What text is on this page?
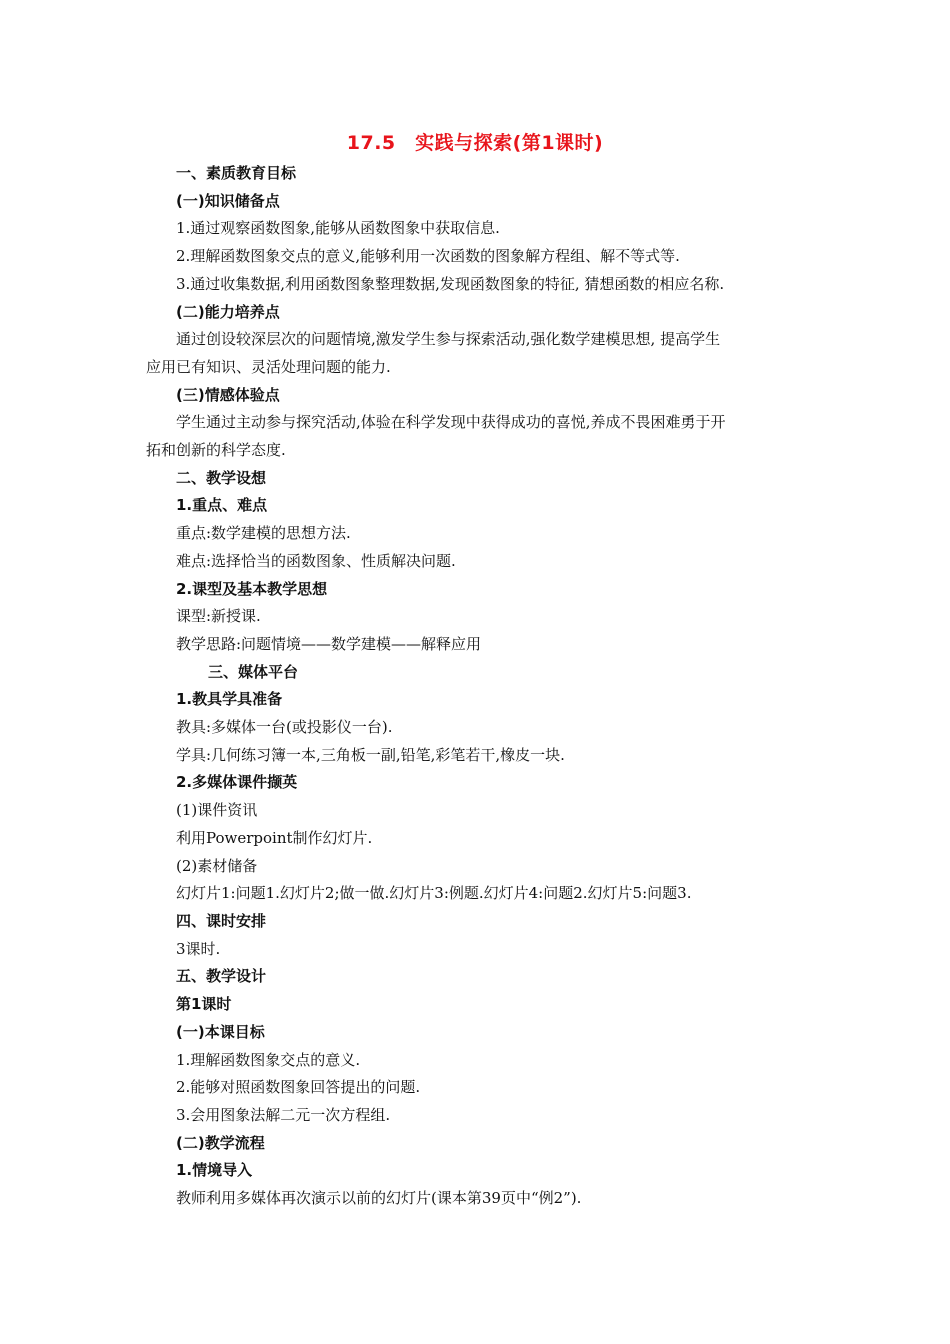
17.5　实践与探索(第1课时)
一、素质教育目标
(一)知识储备点
1.通过观察函数图象,能够从函数图象中获取信息.
2.理解函数图象交点的意义,能够利用一次函数的图象解方程组、解不等式等.
3.通过收集数据,利用函数图象整理数据,发现函数图象的特征, 猜想函数的相应名称.
(二)能力培养点
通过创设较深层次的问题情境,激发学生参与探索活动,强化数学建模思想, 提高学生
应用已有知识、灵活处理问题的能力.
(三)情感体验点
学生通过主动参与探究活动,体验在科学发现中获得成功的喜悦,养成不畏困难勇于开
拓和创新的科学态度.
二、教学设想
1.重点、难点
重点:数学建模的思想方法.
难点:选择恰当的函数图象、性质解决问题.
2.课型及基本教学思想
课型:新授课.
教学思路:问题情境——数学建模——解释应用
三、媒体平台
1.教具学具准备
教具:多媒体一台(或投影仪一台).
学具:几何练习簿一本,三角板一副,铅笔,彩笔若干,橡皮一块.
2.多媒体课件撷英
(1)课件资讯
利用Powerpoint制作幻灯片.
(2)素材储备
幻灯片1:问题1.幻灯片2;做一做.幻灯片3:例题.幻灯片4:问题2.幻灯片5:问题3.
四、课时安排
3课时.
五、教学设计
第1课时
(一)本课目标
1.理解函数图象交点的意义.
2.能够对照函数图象回答提出的问题.
3.会用图象法解二元一次方程组.
(二)教学流程
1.情境导入
教师利用多媒体再次演示以前的幻灯片(课本第39页中“例2”).
